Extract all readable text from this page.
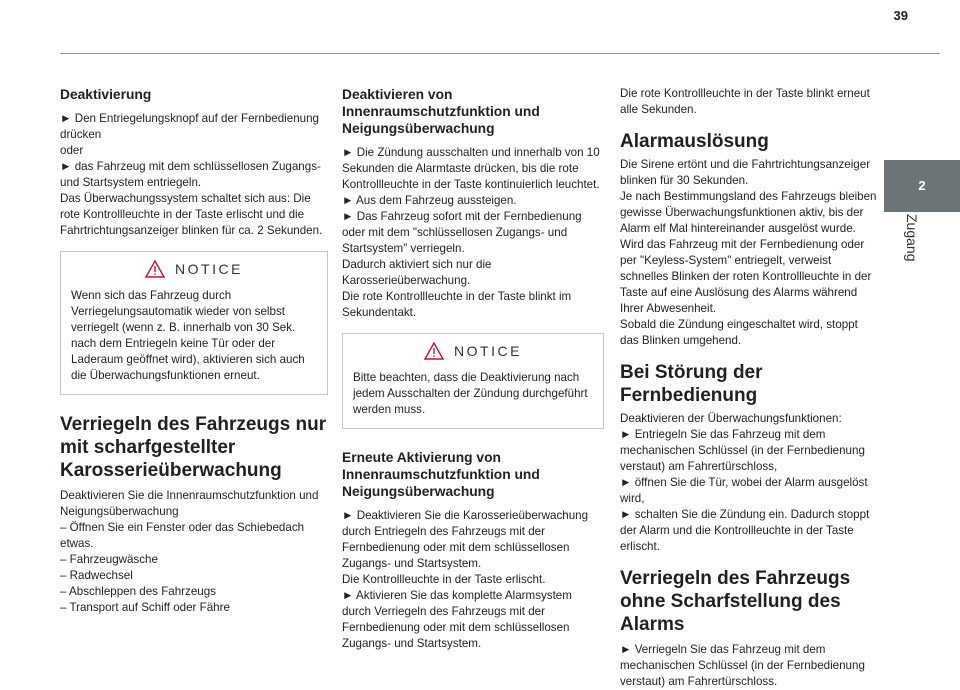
39
2
Zugang
Deaktivierung

► Den Entriegelungsknopf auf der Fernbedienung drücken

oder

► das Fahrzeug mit dem schlüssellosen Zugangs- und Startsystem entriegeln.

Das Überwachungssystem schaltet sich aus: Die rote Kontrollleuchte in der Taste erlischt und die Fahrtrichtungsanzeiger blinken für ca. 2 Sekunden.

NOTICE

Wenn sich das Fahrzeug durch Verriegelungsautomatik wieder von selbst verriegelt (wenn z. B. innerhalb von 30 Sek. nach dem Entriegeln keine Tür oder der Laderaum geöffnet wird), aktivieren sich auch die Überwachungsfunktionen erneut.

Verriegeln des Fahrzeugs nur mit scharfgestellter Karosserieüberwachung

Deaktivieren Sie die Innenraumschutzfunktion und Neigungsüberwachung

– Öffnen Sie ein Fenster oder das Schiebedach etwas.

– Fahrzeugwäsche

– Radwechsel

– Abschleppen des Fahrzeugs

– Transport auf Schiff oder Fähre

Deaktivieren von Innenraumschutzfunktion und Neigungsüberwachung

► Die Zündung ausschalten und innerhalb von 10 Sekunden die Alarmtaste drücken, bis die rote Kontrollleuchte in der Taste kontinuierlich leuchtet.

► Aus dem Fahrzeug aussteigen.

► Das Fahrzeug sofort mit der Fernbedienung oder mit dem "schlüssellosen Zugangs- und Startsystem" verriegeln.

Dadurch aktiviert sich nur die Karosserieüberwachung.

Die rote Kontrollleuchte in der Taste blinkt im Sekundentakt.

NOTICE

Bitte beachten, dass die Deaktivierung nach jedem Ausschalten der Zündung durchgeführt werden muss.

Erneute Aktivierung von Innenraumschutzfunktion und Neigungsüberwachung

► Deaktivieren Sie die Karosserieüberwachung durch Entriegeln des Fahrzeugs mit der Fernbedienung oder mit dem schlüssellosen Zugangs- und Startsystem.

Die Kontrollleuchte in der Taste erlischt.

► Aktivieren Sie das komplette Alarmsystem durch Verriegeln des Fahrzeugs mit der Fernbedienung oder mit dem schlüssellosen Zugangs- und Startsystem.

Die rote Kontrollleuchte in der Taste blinkt erneut alle Sekunden.

Alarmauslösung

Die Sirene ertönt und die Fahrtrichtungsanzeiger blinken für 30 Sekunden.

Je nach Bestimmungsland des Fahrzeugs bleiben gewisse Überwachungsfunktionen aktiv, bis der Alarm elf Mal hintereinander ausgelöst wurde.

Wird das Fahrzeug mit der Fernbedienung oder per "Keyless-System" entriegelt, verweist schnelles Blinken der roten Kontrollleuchte in der Taste auf eine Auslösung des Alarms während Ihrer Abwesenheit.

Sobald die Zündung eingeschaltet wird, stoppt das Blinken umgehend.

Bei Störung der Fernbedienung

Deaktivieren der Überwachungsfunktionen:

► Entriegeln Sie das Fahrzeug mit dem mechanischen Schlüssel (in der Fernbedienung verstaut) am Fahrertürschloss,

► öffnen Sie die Tür, wobei der Alarm ausgelöst wird,

► schalten Sie die Zündung ein. Dadurch stoppt der Alarm und die Kontrollleuchte in der Taste erlischt.

Verriegeln des Fahrzeugs ohne Scharfstellung des Alarms

► Verriegeln Sie das Fahrzeug mit dem mechanischen Schlüssel (in der Fernbedienung verstaut) am Fahrertürschloss.
